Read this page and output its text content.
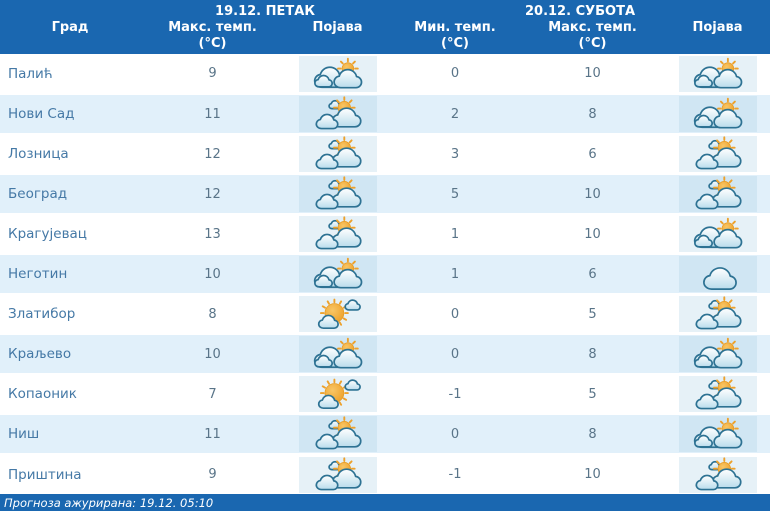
	19.12. ПЕТАК		20.12. СУБОТА		
Град	Макс. темп.	Појава	Мин. темп.	Макс. темп.	Појава
	(°C)		(°C)	(°C)	
Палић	9		0	10	

Нови Сад	11		2	8	

Лозница	12		3	6	

Београд	12		5	10	

Крагујевац	13		1	10	

Неготин	10		1	6	

Златибор	8		0	5	

Краљево	10		0	8	

Копаоник	7		-1	5	

Ниш	11		0	8	

Приштина	9		-1	10	
Прогноза ажурирана: 19.12. 05:10
